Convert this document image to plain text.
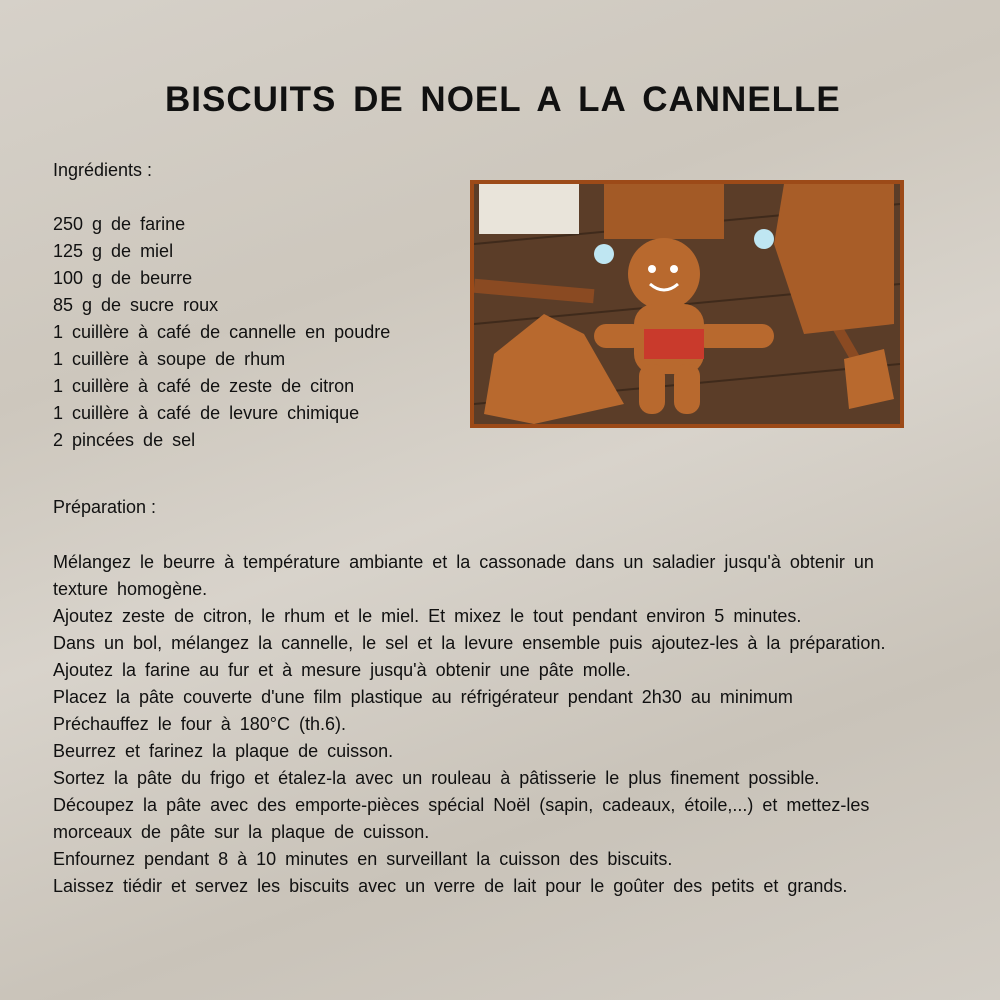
BISCUITS DE NOEL A LA CANNELLE
Ingrédients :
250 g de farine
125 g de miel
100 g de beurre
85 g de sucre roux
1 cuillère à café de cannelle en poudre
1 cuillère à soupe de rhum
1 cuillère à café de zeste de citron
1 cuillère à café de levure chimique
2 pincées de sel
Préparation :
Mélangez le beurre à température ambiante et la cassonade dans un saladier jusqu'à obtenir un
texture homogène.
Ajoutez zeste de citron, le rhum et le miel. Et mixez le tout pendant environ 5 minutes.
Dans un bol, mélangez la cannelle, le sel et la levure ensemble puis ajoutez-les à la préparation.
Ajoutez la farine au fur et à mesure jusqu'à obtenir une pâte molle.
Placez la pâte couverte d'une film plastique au réfrigérateur pendant 2h30 au minimum
Préchauffez le four à 180°C (th.6).
Beurrez et farinez la plaque de cuisson.
Sortez la pâte du frigo et étalez-la avec un rouleau à pâtisserie le plus finement possible.
Découpez la pâte avec des emporte-pièces spécial Noël (sapin, cadeaux, étoile,...) et mettez-les
morceaux de pâte sur la plaque de cuisson.
Enfournez pendant 8 à 10 minutes en surveillant la cuisson des biscuits.
Laissez tiédir et servez les biscuits avec un verre de lait pour le goûter des petits et grands.
